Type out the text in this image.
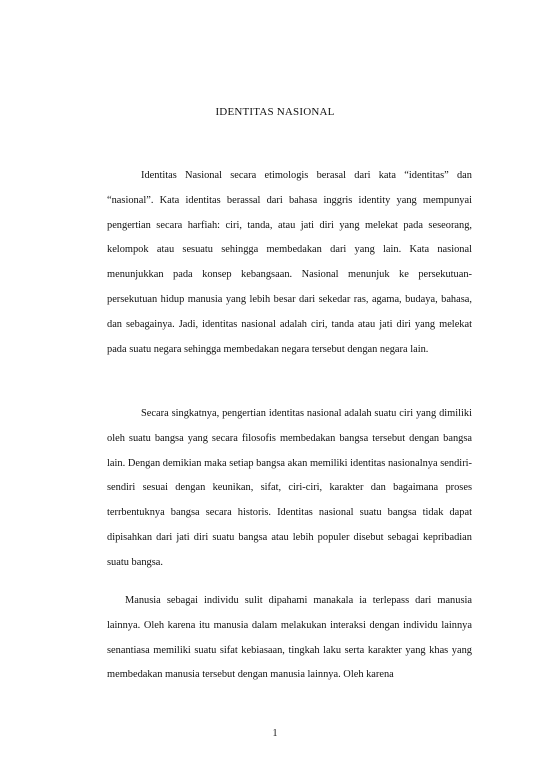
IDENTITAS NASIONAL

Identitas Nasional secara etimologis berasal dari kata “identitas” dan “nasional”. Kata identitas berassal dari bahasa inggris identity yang mempunyai pengertian secara harfiah: ciri, tanda, atau jati diri yang melekat pada seseorang, kelompok atau sesuatu sehingga membedakan dari yang lain. Kata nasional menunjukkan pada konsep kebangsaan. Nasional menunjuk ke persekutuan-persekutuan hidup manusia yang lebih besar dari sekedar ras, agama, budaya, bahasa, dan sebagainya. Jadi, identitas nasional adalah ciri, tanda atau jati diri yang melekat pada suatu negara sehingga membedakan negara tersebut dengan negara lain.

Secara singkatnya, pengertian identitas nasional adalah suatu ciri yang dimiliki oleh suatu bangsa yang secara filosofis membedakan bangsa tersebut dengan bangsa lain. Dengan demikian maka setiap bangsa akan memiliki identitas nasionalnya sendiri-sendiri sesuai dengan keunikan, sifat, ciri-ciri, karakter dan bagaimana proses terrbentuknya bangsa secara historis. Identitas nasional suatu bangsa tidak dapat dipisahkan dari jati diri suatu bangsa atau lebih populer disebut sebagai kepribadian suatu bangsa.

Manusia sebagai individu sulit dipahami manakala ia terlepass dari manusia lainnya. Oleh karena itu manusia dalam melakukan interaksi dengan individu lainnya senantiasa memiliki suatu sifat kebiasaan, tingkah laku serta karakter yang khas yang membedakan manusia tersebut dengan manusia lainnya. Oleh karena

1
